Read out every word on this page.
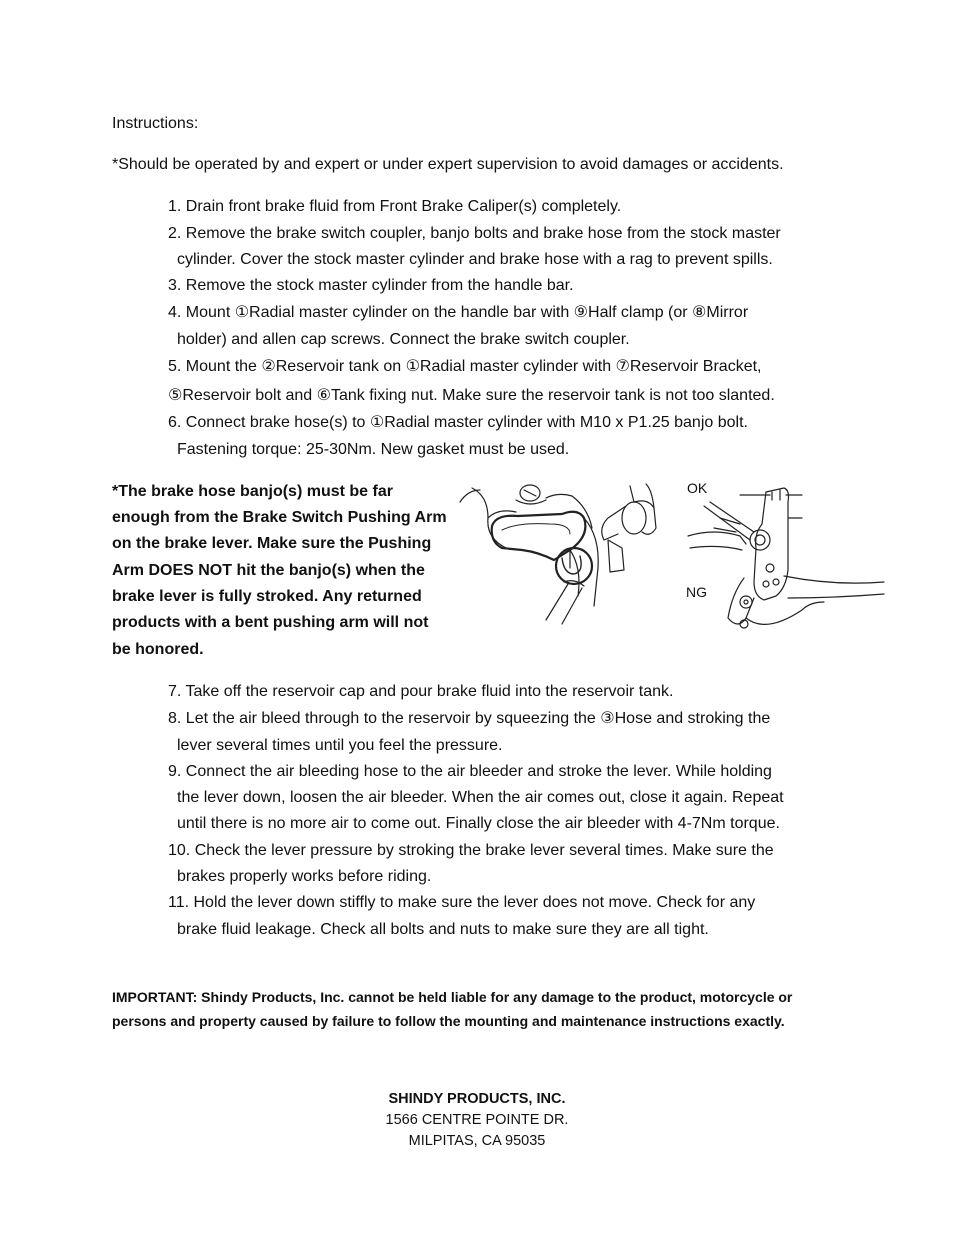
Instructions:
*Should be operated by and expert or under expert supervision to avoid damages or accidents.
1. Drain front brake fluid from Front Brake Caliper(s) completely.
2. Remove the brake switch coupler, banjo bolts and brake hose from the stock master
cylinder. Cover the stock master cylinder and brake hose with a rag to prevent spills.
3. Remove the stock master cylinder from the handle bar.
4. Mount ①Radial master cylinder on the handle bar with ⑨Half clamp (or ⑧Mirror
holder) and allen cap screws. Connect the brake switch coupler.
5. Mount the ②Reservoir tank on ①Radial master cylinder with ⑦Reservoir Bracket,
⑤Reservoir bolt and ⑥Tank fixing nut. Make sure the reservoir tank is not too slanted.
6. Connect brake hose(s) to ①Radial master cylinder with M10 x P1.25 banjo bolt.
Fastening torque: 25-30Nm. New gasket must be used.
*The brake hose banjo(s) must be far
enough from the Brake Switch Pushing Arm
on the brake lever. Make sure the Pushing
Arm DOES NOT hit the banjo(s) when the
brake lever is fully stroked. Any returned
products with a bent pushing arm will not
be honored.
OK
NG
7. Take off the reservoir cap and pour brake fluid into the reservoir tank.
8. Let the air bleed through to the reservoir by squeezing the ③Hose and stroking the
lever several times until you feel the pressure.
9. Connect the air bleeding hose to the air bleeder and stroke the lever. While holding
the lever down, loosen the air bleeder. When the air comes out, close it again. Repeat
until there is no more air to come out. Finally close the air bleeder with 4-7Nm torque.
10. Check the lever pressure by stroking the brake lever several times. Make sure the
brakes properly works before riding.
11. Hold the lever down stiffly to make sure the lever does not move. Check for any
brake fluid leakage. Check all bolts and nuts to make sure they are all tight.
IMPORTANT: Shindy Products, Inc. cannot be held liable for any damage to the product, motorcycle or
persons and property caused by failure to follow the mounting and maintenance instructions exactly.
SHINDY PRODUCTS, INC.
1566 CENTRE POINTE DR.
MILPITAS, CA 95035
